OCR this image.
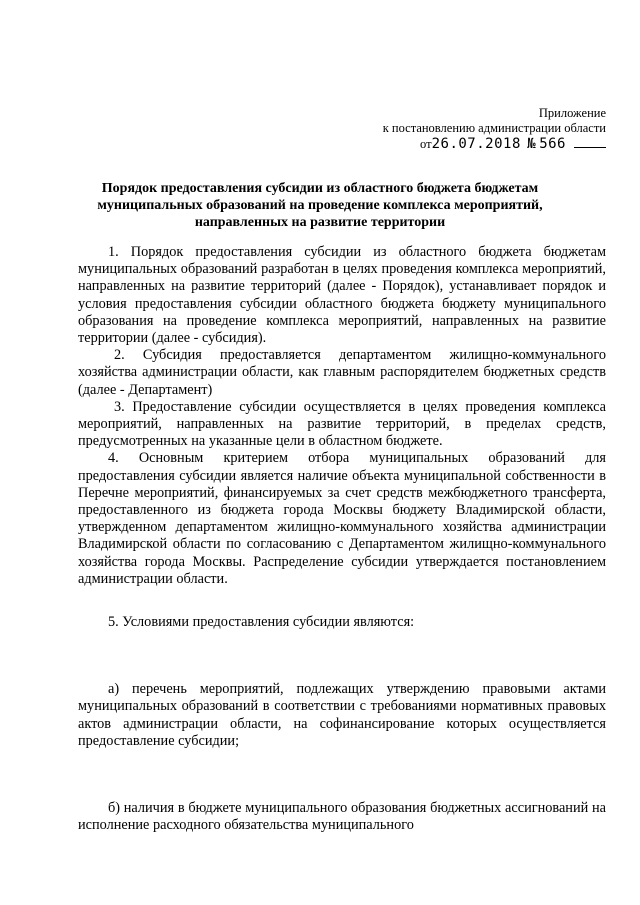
Приложение
к постановлению администрации области
от26.07.2018 № 566
Порядок предоставления субсидии из областного бюджета бюджетам
муниципальных образований на проведение комплекса мероприятий,
направленных на развитие территории

1. Порядок предоставления субсидии из областного бюджета бюджетам муниципальных образований разработан в целях проведения комплекса мероприятий, направленных на развитие территорий (далее - Порядок), устанавливает порядок и условия предоставления субсидии областного бюджета бюджету муниципального образования на проведение комплекса мероприятий, направленных на развитие территории (далее - субсидия).

2. Субсидия предоставляется департаментом жилищно-коммунального хозяйства администрации области, как главным распорядителем бюджетных средств (далее - Департамент)

3. Предоставление субсидии осуществляется в целях проведения комплекса мероприятий, направленных на развитие территорий, в пределах средств, предусмотренных на указанные цели в областном бюджете.

4. Основным критерием отбора муниципальных образований для предоставления субсидии является наличие объекта муниципальной собственности в Перечне мероприятий, финансируемых за счет средств межбюджетного трансферта, предоставленного из бюджета города Москвы бюджету Владимирской области, утвержденном департаментом жилищно-коммунального хозяйства администрации Владимирской области по согласованию с Департаментом жилищно-коммунального хозяйства города Москвы. Распределение субсидии утверждается постановлением администрации области.

5. Условиями предоставления субсидии являются:

а) перечень мероприятий, подлежащих утверждению правовыми актами муниципальных образований в соответствии с требованиями нормативных правовых актов администрации области, на софинансирование которых осуществляется предоставление субсидии;

б) наличия в бюджете муниципального образования бюджетных ассигнований на исполнение расходного обязательства муниципального
